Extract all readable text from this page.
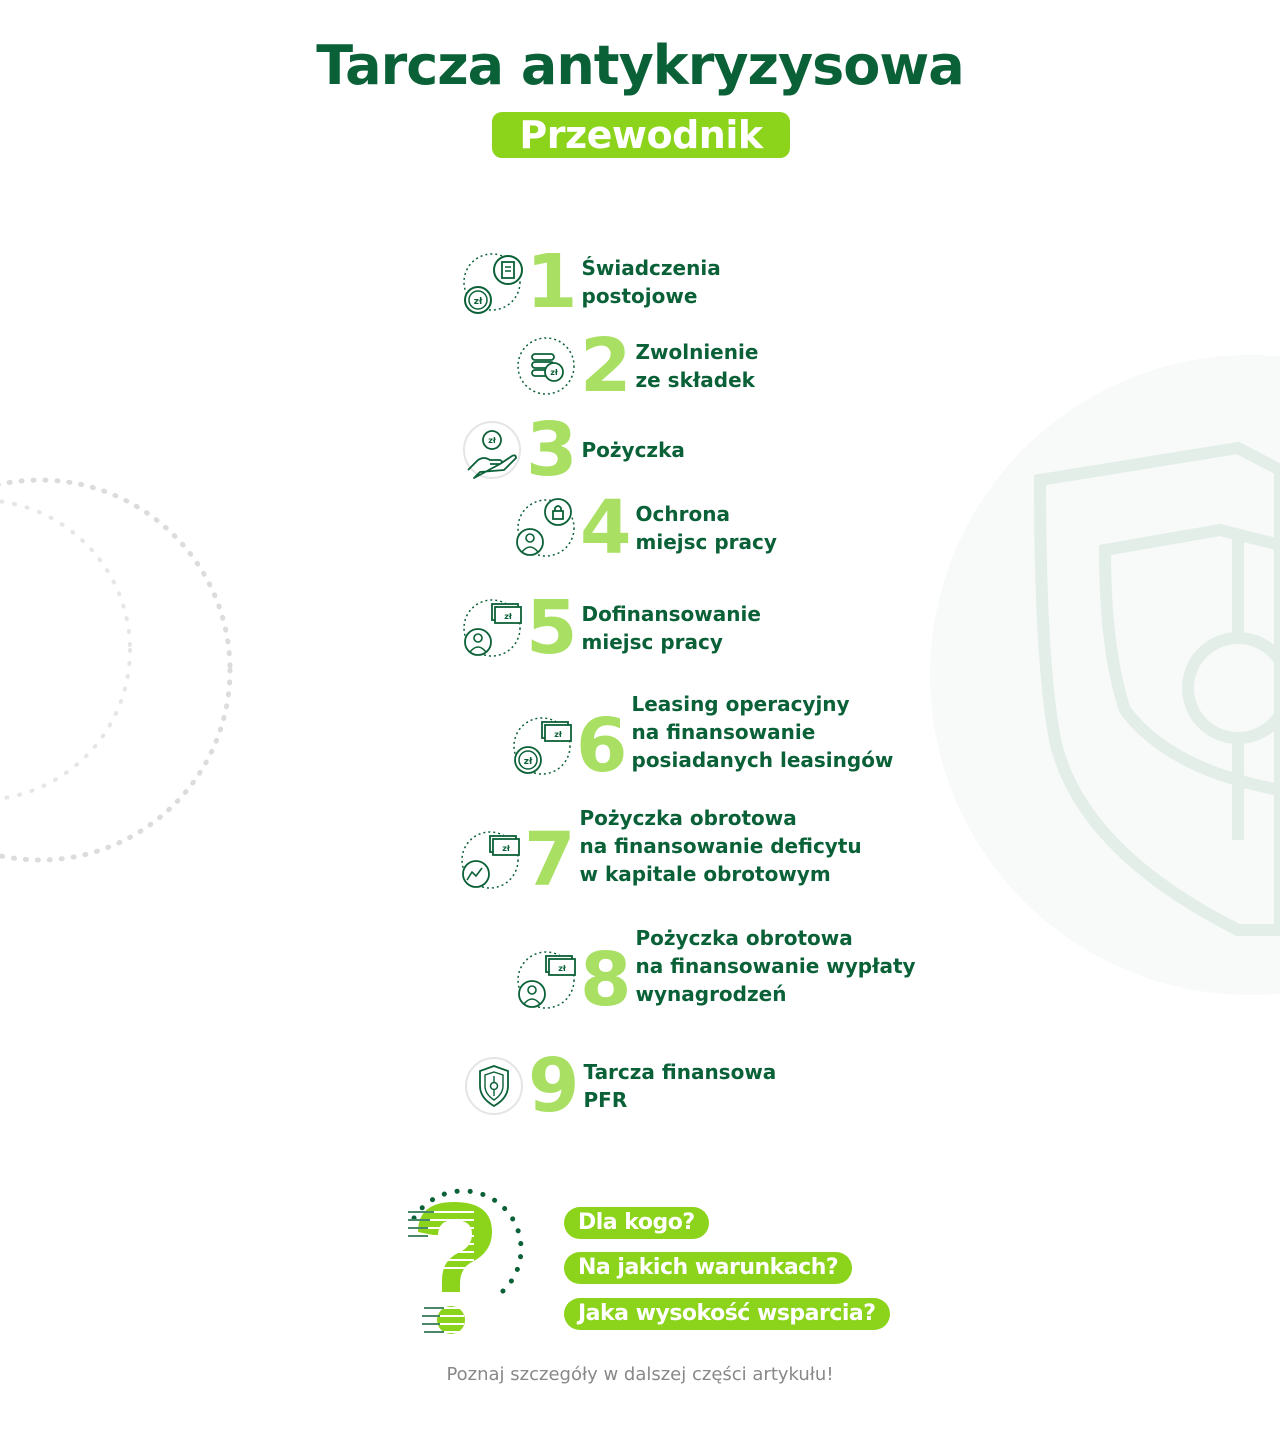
Tarcza antykryzysowa
Przewodnik
zł 1 Świadczenia
postojowe
zł 2 Zwolnienie
ze składek
zł 3 Pożyczka
4 Ochrona
miejsc pracy
zł 5 Dofinansowanie
miejsc pracy
zł
zł 6 Leasing operacyjny
na finansowanie
posiadanych leasingów
zł 7 Pożyczka obrotowa
na finansowanie deficytu
w kapitale obrotowym
zł 8 Pożyczka obrotowa
na finansowanie wypłaty
wynagrodzeń
9 Tarcza finansowa
PFR
Dla kogo?
Na jakich warunkach?
Jaka wysokość wsparcia?
Poznaj szczegóły w dalszej części artykułu!
